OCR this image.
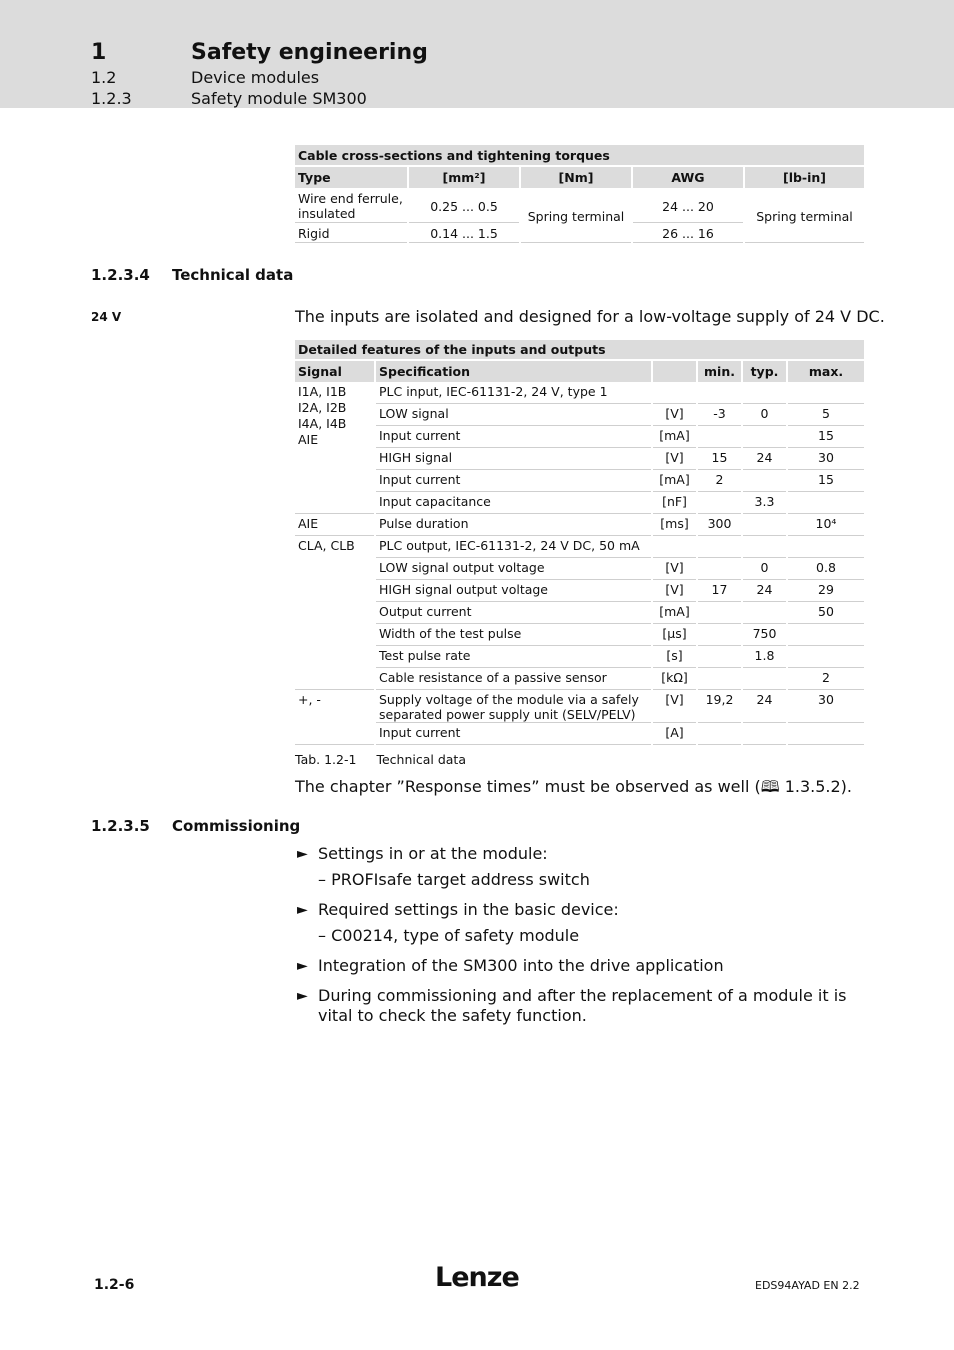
1	Safety engineering
1.2	Device modules
1.2.3	Safety module SM300
Cable cross-sections and tightening torques				
Type	[mm²]	[Nm]	AWG	[lb-in]
Wire end ferrule, insulated	0.25 ... 0.5	Spring terminal	24 ... 20	Spring terminal
Rigid	0.14 ... 1.5		26 ... 16	
1.2.3.4 Technical data
24 V	The inputs are isolated and designed for a low-voltage supply of 24 V DC.
Detailed features of the inputs and outputs					
Signal	Specification		min.	typ.	max.
I1A, I1B
I2A, I2B
I4A, I4B
AIE	PLC input, IEC-61131-2, 24 V, type 1				
	LOW signal	[V]	-3	0	5
	Input current	[mA]			15
	HIGH signal	[V]	15	24	30
	Input current	[mA]	2		15
	Input capacitance	[nF]		3.3	
AIE	Pulse duration	[ms]	300		10⁴
CLA, CLB	PLC output, IEC-61131-2, 24 V DC, 50 mA				
	LOW signal output voltage	[V]		0	0.8
	HIGH signal output voltage	[V]	17	24	29
	Output current	[mA]			50
	Width of the test pulse	[µs]		750	
	Test pulse rate	[s]		1.8	
	Cable resistance of a passive sensor	[kΩ]			2
+, -	Supply voltage of the module via a safely separated power supply unit (SELV/PELV)	[V]	19,2	24	30
	Input current	[A]			
Tab. 1.2-1 Technical data
The chapter ”Response times” must be observed as well (🕮 1.3.5.2).
1.2.3.5 Commissioning
► Settings in or at the module:
– PROFIsafe target address switch
► Required settings in the basic device:
– C00214, type of safety module
► Integration of the SM300 into the drive application
► During commissioning and after the replacement of a module it is vital to check the safety function.
1.2-6	Lenze	EDS94AYAD EN 2.2
